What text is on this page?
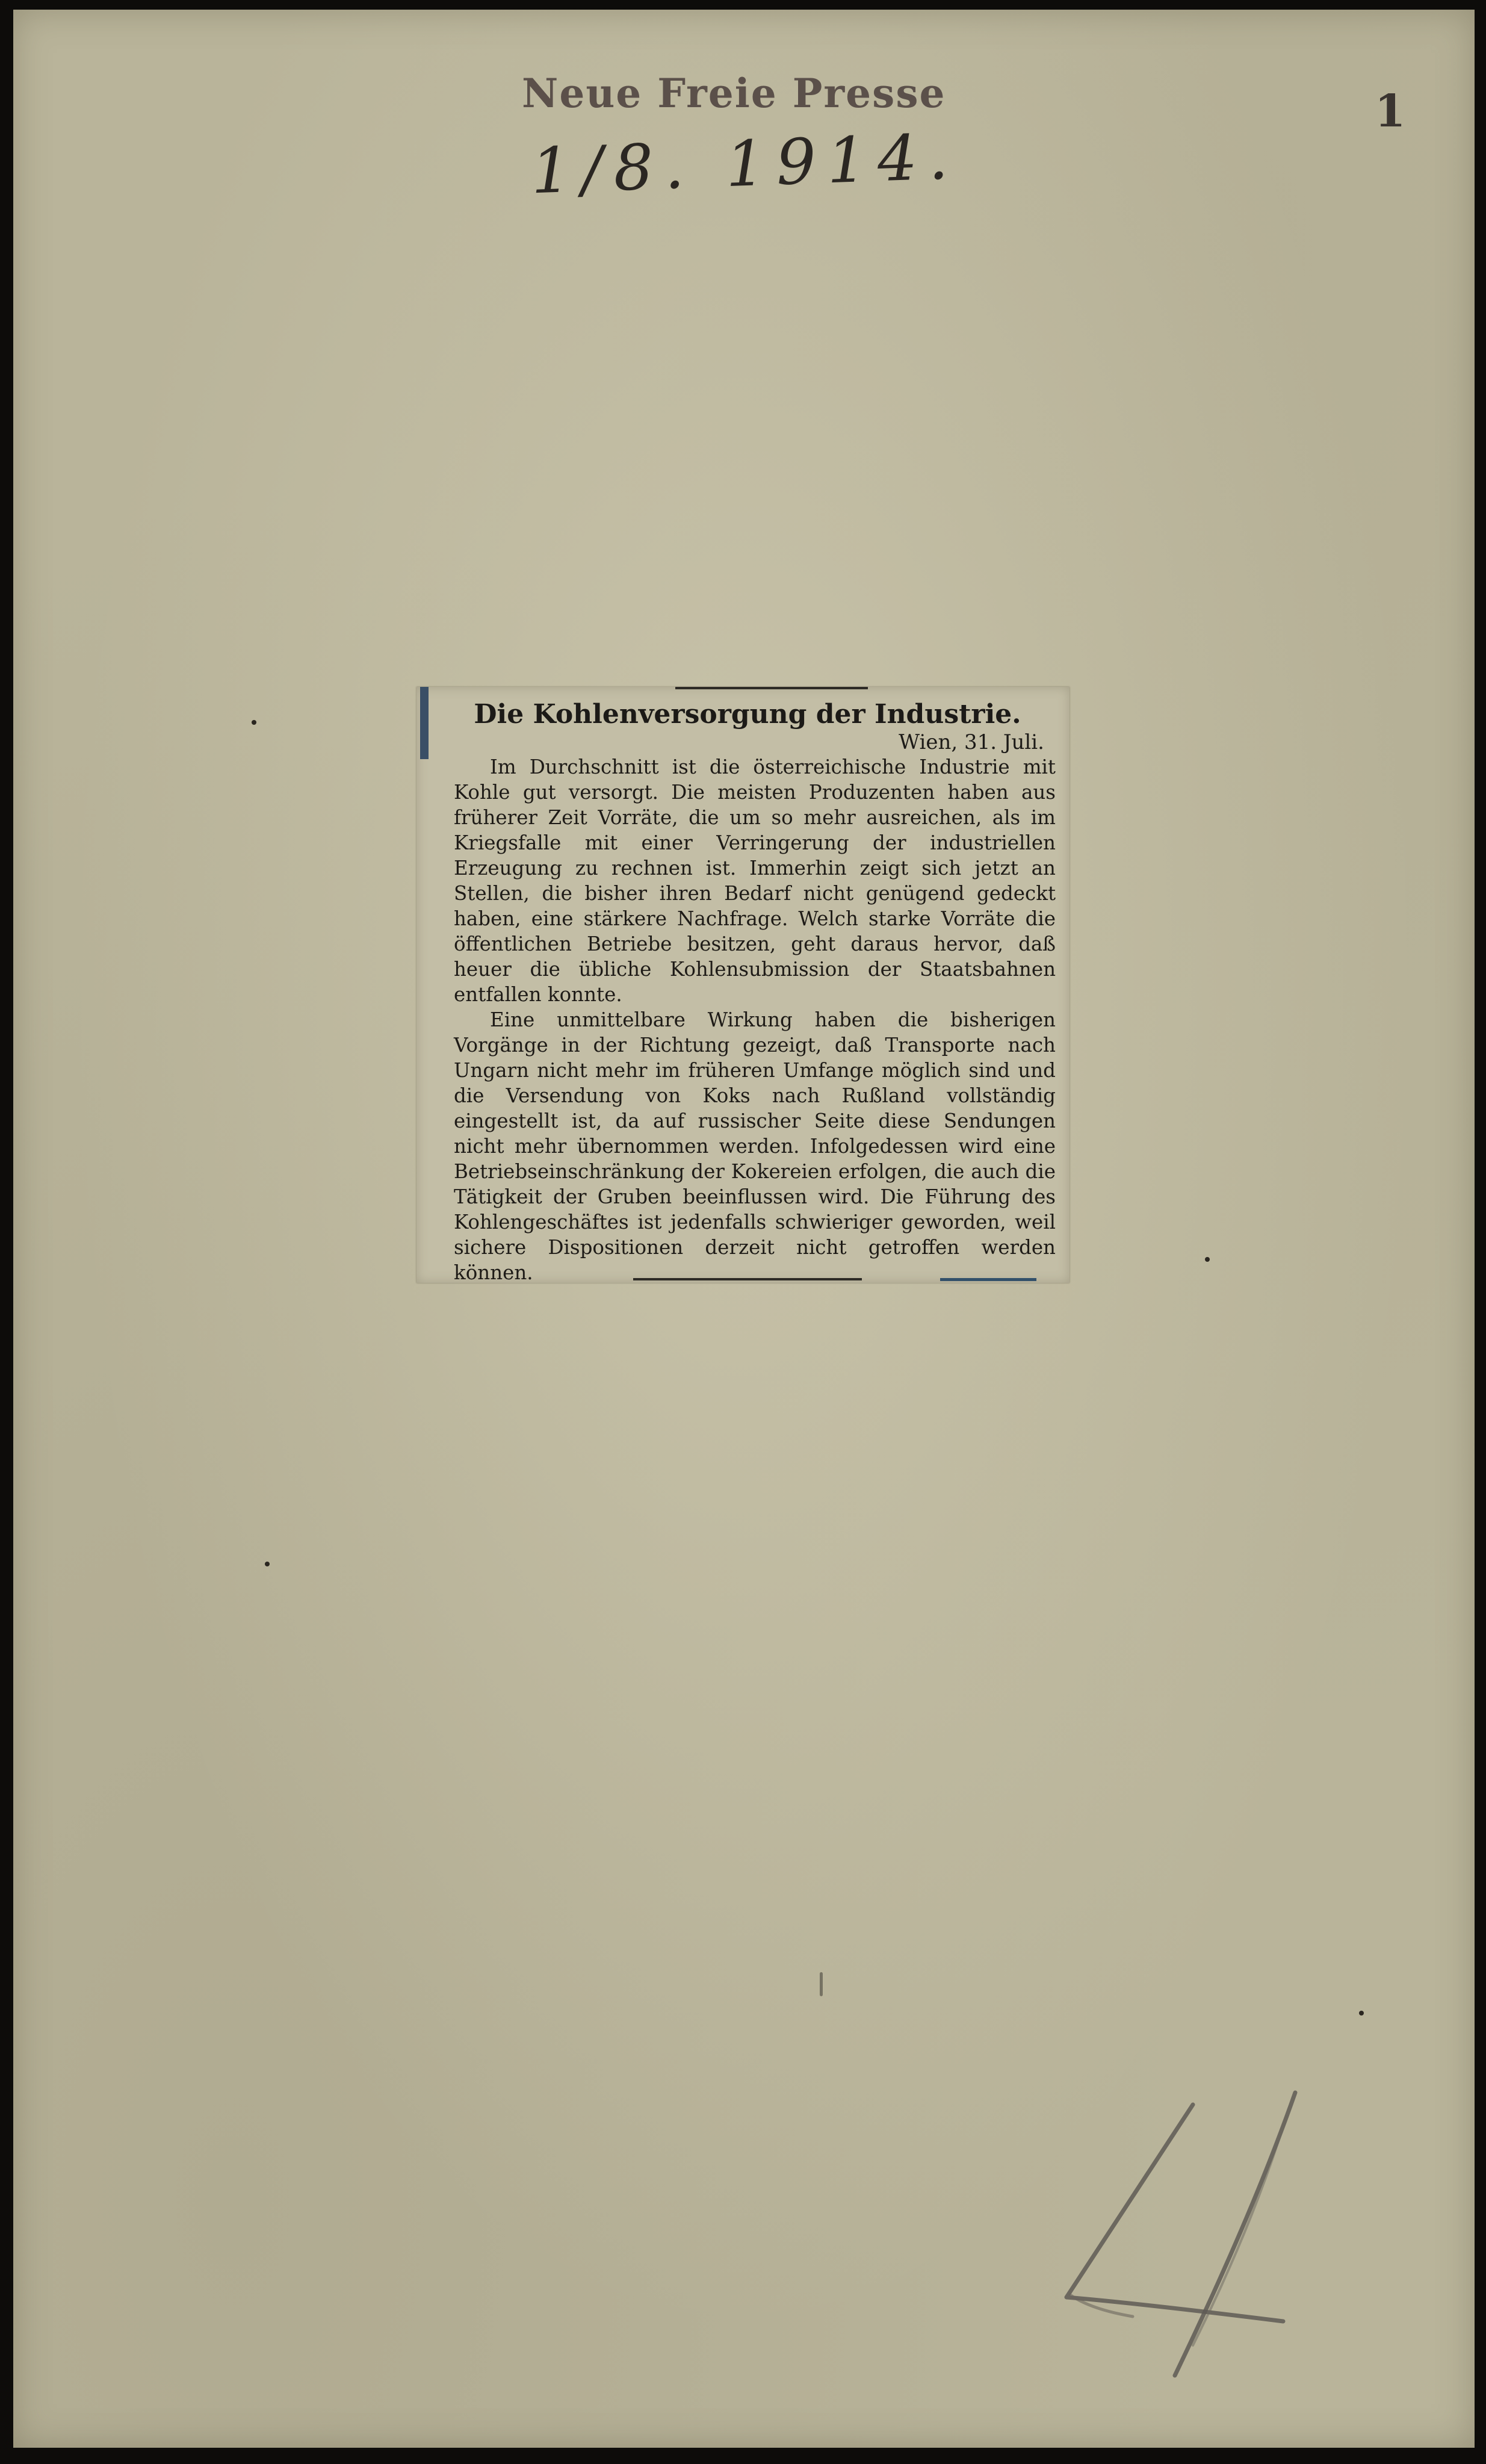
Neue Freie Presse	1
1/8. 1914.
Die Kohlenversorgung der Industrie.
Wien, 31. Juli.

Im Durchschnitt ist die österreichische Industrie mit Kohle gut versorgt. Die meisten Produzenten haben aus früherer Zeit Vorräte, die um so mehr ausreichen, als im Kriegsfalle mit einer Verringerung der industriellen Erzeugung zu rechnen ist. Immerhin zeigt sich jetzt an Stellen, die bisher ihren Bedarf nicht genügend gedeckt haben, eine stärkere Nachfrage. Welch starke Vorräte die öffentlichen Betriebe besitzen, geht daraus hervor, daß heuer die übliche Kohlensubmission der Staatsbahnen entfallen konnte.

Eine unmittelbare Wirkung haben die bisherigen Vorgänge in der Richtung gezeigt, daß Transporte nach Ungarn nicht mehr im früheren Umfange möglich sind und die Versendung von Koks nach Rußland vollständig eingestellt ist, da auf russischer Seite diese Sendungen nicht mehr übernommen werden. Infolgedessen wird eine Betriebseinschränkung der Kokereien erfolgen, die auch die Tätigkeit der Gruben beeinflussen wird. Die Führung des Kohlengeschäftes ist jedenfalls schwieriger geworden, weil sichere Dispositionen derzeit nicht getroffen werden können.
